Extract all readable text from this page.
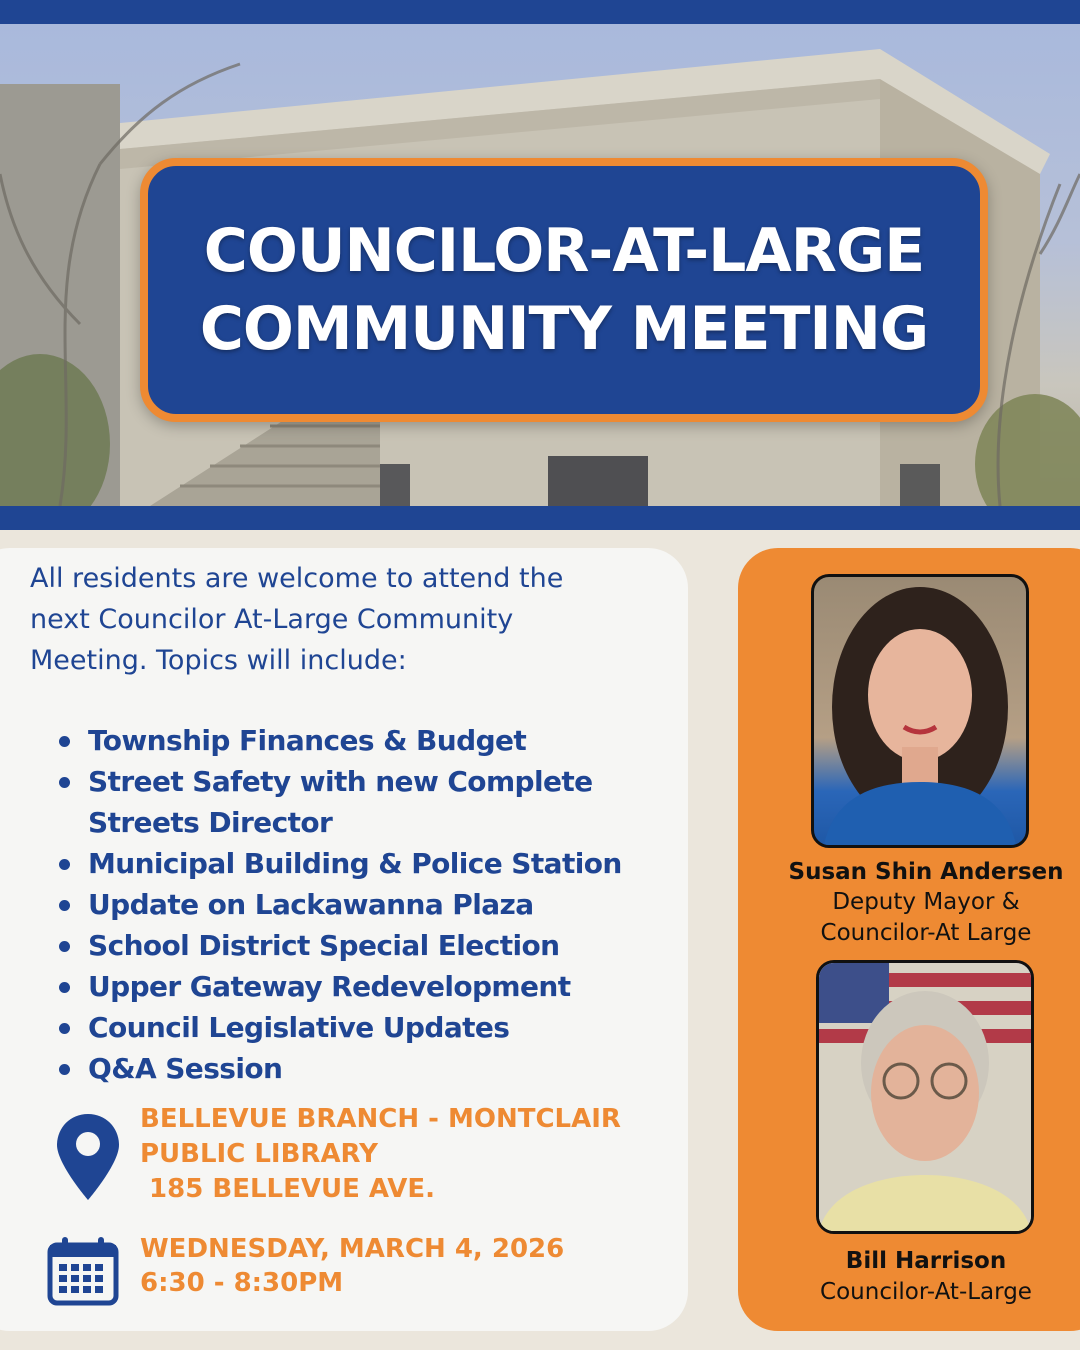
COUNCILOR-AT-LARGE
COMMUNITY MEETING
All residents are welcome to attend the
next Councilor At-Large Community
Meeting. Topics will include:
Township Finances & Budget
Street Safety with new Complete
Streets Director
Municipal Building & Police Station
Update on Lackawanna Plaza
School District Special Election
Upper Gateway Redevelopment
Council Legislative Updates
Q&A Session
BELLEVUE BRANCH - MONTCLAIR
PUBLIC LIBRARY
185 BELLEVUE AVE.
WEDNESDAY, MARCH 4, 2026
6:30 - 8:30PM
Susan Shin Andersen
Deputy Mayor &
Councilor-At Large
Bill Harrison
Councilor-At-Large
